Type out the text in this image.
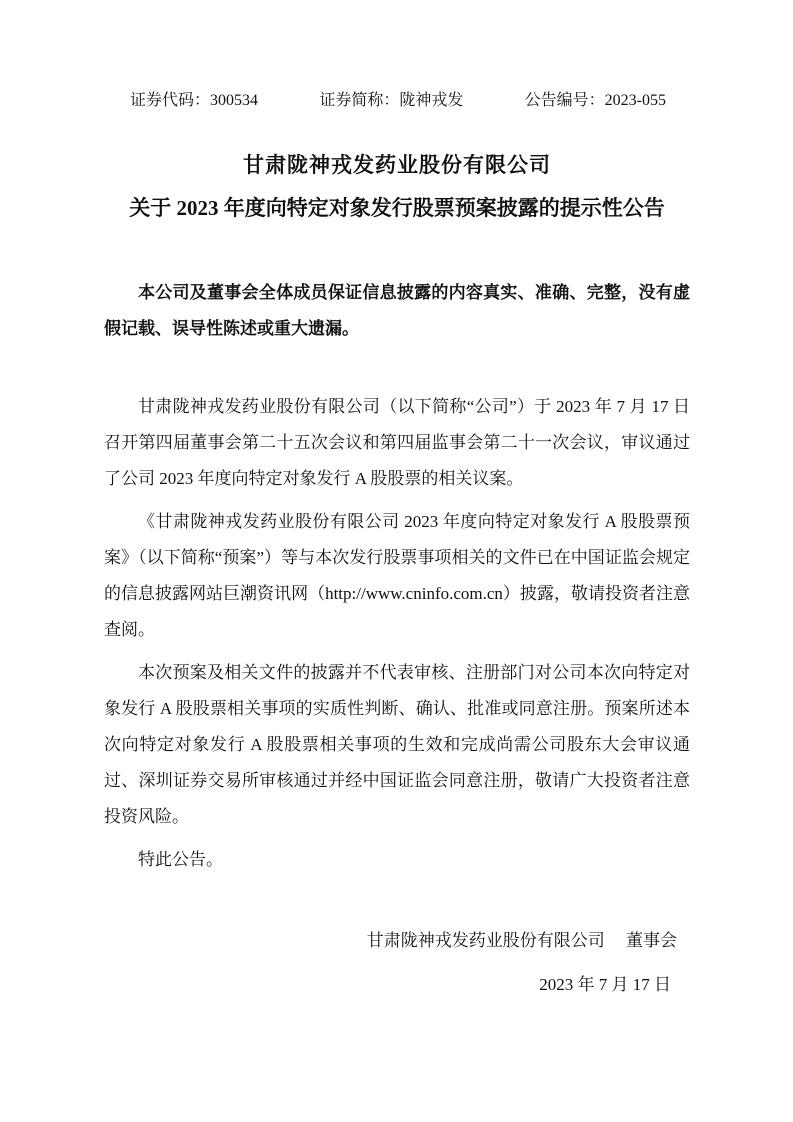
证券代码：300534	证券简称：陇神戎发	公告编号：2023-055
甘肃陇神戎发药业股份有限公司
关于 2023 年度向特定对象发行股票预案披露的提示性公告

本公司及董事会全体成员保证信息披露的内容真实、准确、完整，没有虚假记载、误导性陈述或重大遗漏。

甘肃陇神戎发药业股份有限公司（以下简称“公司”）于 2023 年 7 月 17 日召开第四届董事会第二十五次会议和第四届监事会第二十一次会议，审议通过了公司 2023 年度向特定对象发行 A 股股票的相关议案。

《甘肃陇神戎发药业股份有限公司 2023 年度向特定对象发行 A 股股票预案》（以下简称“预案”）等与本次发行股票事项相关的文件已在中国证监会规定的信息披露网站巨潮资讯网（http://www.cninfo.com.cn）披露，敬请投资者注意查阅。

本次预案及相关文件的披露并不代表审核、注册部门对公司本次向特定对象发行 A 股股票相关事项的实质性判断、确认、批准或同意注册。预案所述本次向特定对象发行 A 股股票相关事项的生效和完成尚需公司股东大会审议通过、深圳证券交易所审核通过并经中国证监会同意注册，敬请广大投资者注意投资风险。

特此公告。

甘肃陇神戎发药业股份有限公司　 董事会
2023 年 7 月 17 日
